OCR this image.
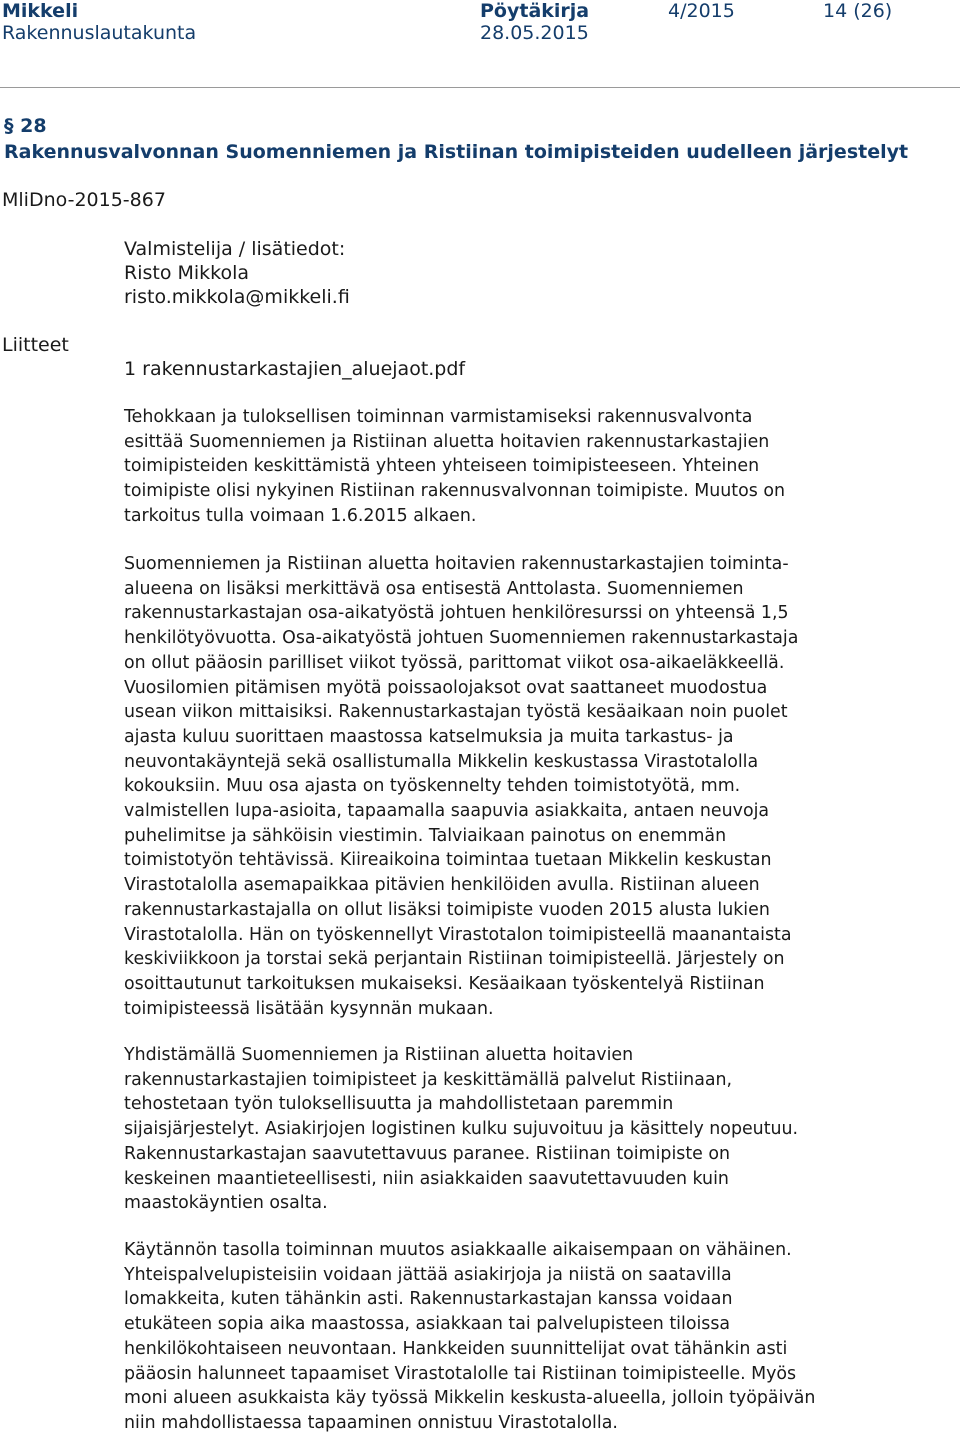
Mikkeli	Pöytäkirja	4/2015	14 (26)
Rakennuslautakunta	28.05.2015
§ 28
Rakennusvalvonnan Suomenniemen ja Ristiinan toimipisteiden uudelleen järjestelyt
MliDno-2015-867
Valmistelija / lisätiedot:
Risto Mikkola
risto.mikkola@mikkeli.fi
Liitteet
1 rakennustarkastajien_aluejaot.pdf
Tehokkaan ja tuloksellisen toiminnan varmistamiseksi rakennusvalvonta
esittää Suomenniemen ja Ristiinan aluetta hoitavien rakennustarkastajien
toimipisteiden keskittämistä yhteen yhteiseen toimipisteeseen. Yhteinen
toimipiste olisi nykyinen Ristiinan rakennusvalvonnan toimipiste. Muutos on
tarkoitus tulla voimaan 1.6.2015 alkaen.
Suomenniemen ja Ristiinan aluetta hoitavien rakennustarkastajien toiminta-
alueena on lisäksi merkittävä osa entisestä Anttolasta. Suomenniemen
rakennustarkastajan osa-aikatyöstä johtuen henkilöresurssi on yhteensä 1,5
henkilötyövuotta. Osa-aikatyöstä johtuen Suomenniemen rakennustarkastaja
on ollut pääosin parilliset viikot työssä, parittomat viikot osa-aikaeläkkeellä.
Vuosilomien pitämisen myötä poissaolojaksot ovat saattaneet muodostua
usean viikon mittaisiksi. Rakennustarkastajan työstä kesäaikaan noin puolet
ajasta kuluu suorittaen maastossa katselmuksia ja muita tarkastus- ja
neuvontakäyntejä sekä osallistumalla Mikkelin keskustassa Virastotalolla
kokouksiin. Muu osa ajasta on työskennelty tehden toimistotyötä, mm.
valmistellen lupa-asioita, tapaamalla saapuvia asiakkaita, antaen neuvoja
puhelimitse ja sähköisin viestimin. Talviaikaan painotus on enemmän
toimistotyön tehtävissä. Kiireaikoina toimintaa tuetaan Mikkelin keskustan
Virastotalolla asemapaikkaa pitävien henkilöiden avulla. Ristiinan alueen
rakennustarkastajalla on ollut lisäksi toimipiste vuoden 2015 alusta lukien
Virastotalolla. Hän on työskennellyt Virastotalon toimipisteellä maanantaista
keskiviikkoon ja torstai sekä perjantain Ristiinan toimipisteellä. Järjestely on
osoittautunut tarkoituksen mukaiseksi. Kesäaikaan työskentelyä Ristiinan
toimipisteessä lisätään kysynnän mukaan.
Yhdistämällä Suomenniemen ja Ristiinan aluetta hoitavien
rakennustarkastajien toimipisteet ja keskittämällä palvelut Ristiinaan,
tehostetaan työn tuloksellisuutta ja mahdollistetaan paremmin
sijaisjärjestelyt. Asiakirjojen logistinen kulku sujuvoituu ja käsittely nopeutuu.
Rakennustarkastajan saavutettavuus paranee. Ristiinan toimipiste on
keskeinen maantieteellisesti, niin asiakkaiden saavutettavuuden kuin
maastokäyntien osalta.
Käytännön tasolla toiminnan muutos asiakkaalle aikaisempaan on vähäinen.
Yhteispalvelupisteisiin voidaan jättää asiakirjoja ja niistä on saatavilla
lomakkeita, kuten tähänkin asti. Rakennustarkastajan kanssa voidaan
etukäteen sopia aika maastossa, asiakkaan tai palvelupisteen tiloissa
henkilökohtaiseen neuvontaan. Hankkeiden suunnittelijat ovat tähänkin asti
pääosin halunneet tapaamiset Virastotalolle tai Ristiinan toimipisteelle. Myös
moni alueen asukkaista käy työssä Mikkelin keskusta-alueella, jolloin työpäivän
niin mahdollistaessa tapaaminen onnistuu Virastotalolla.
